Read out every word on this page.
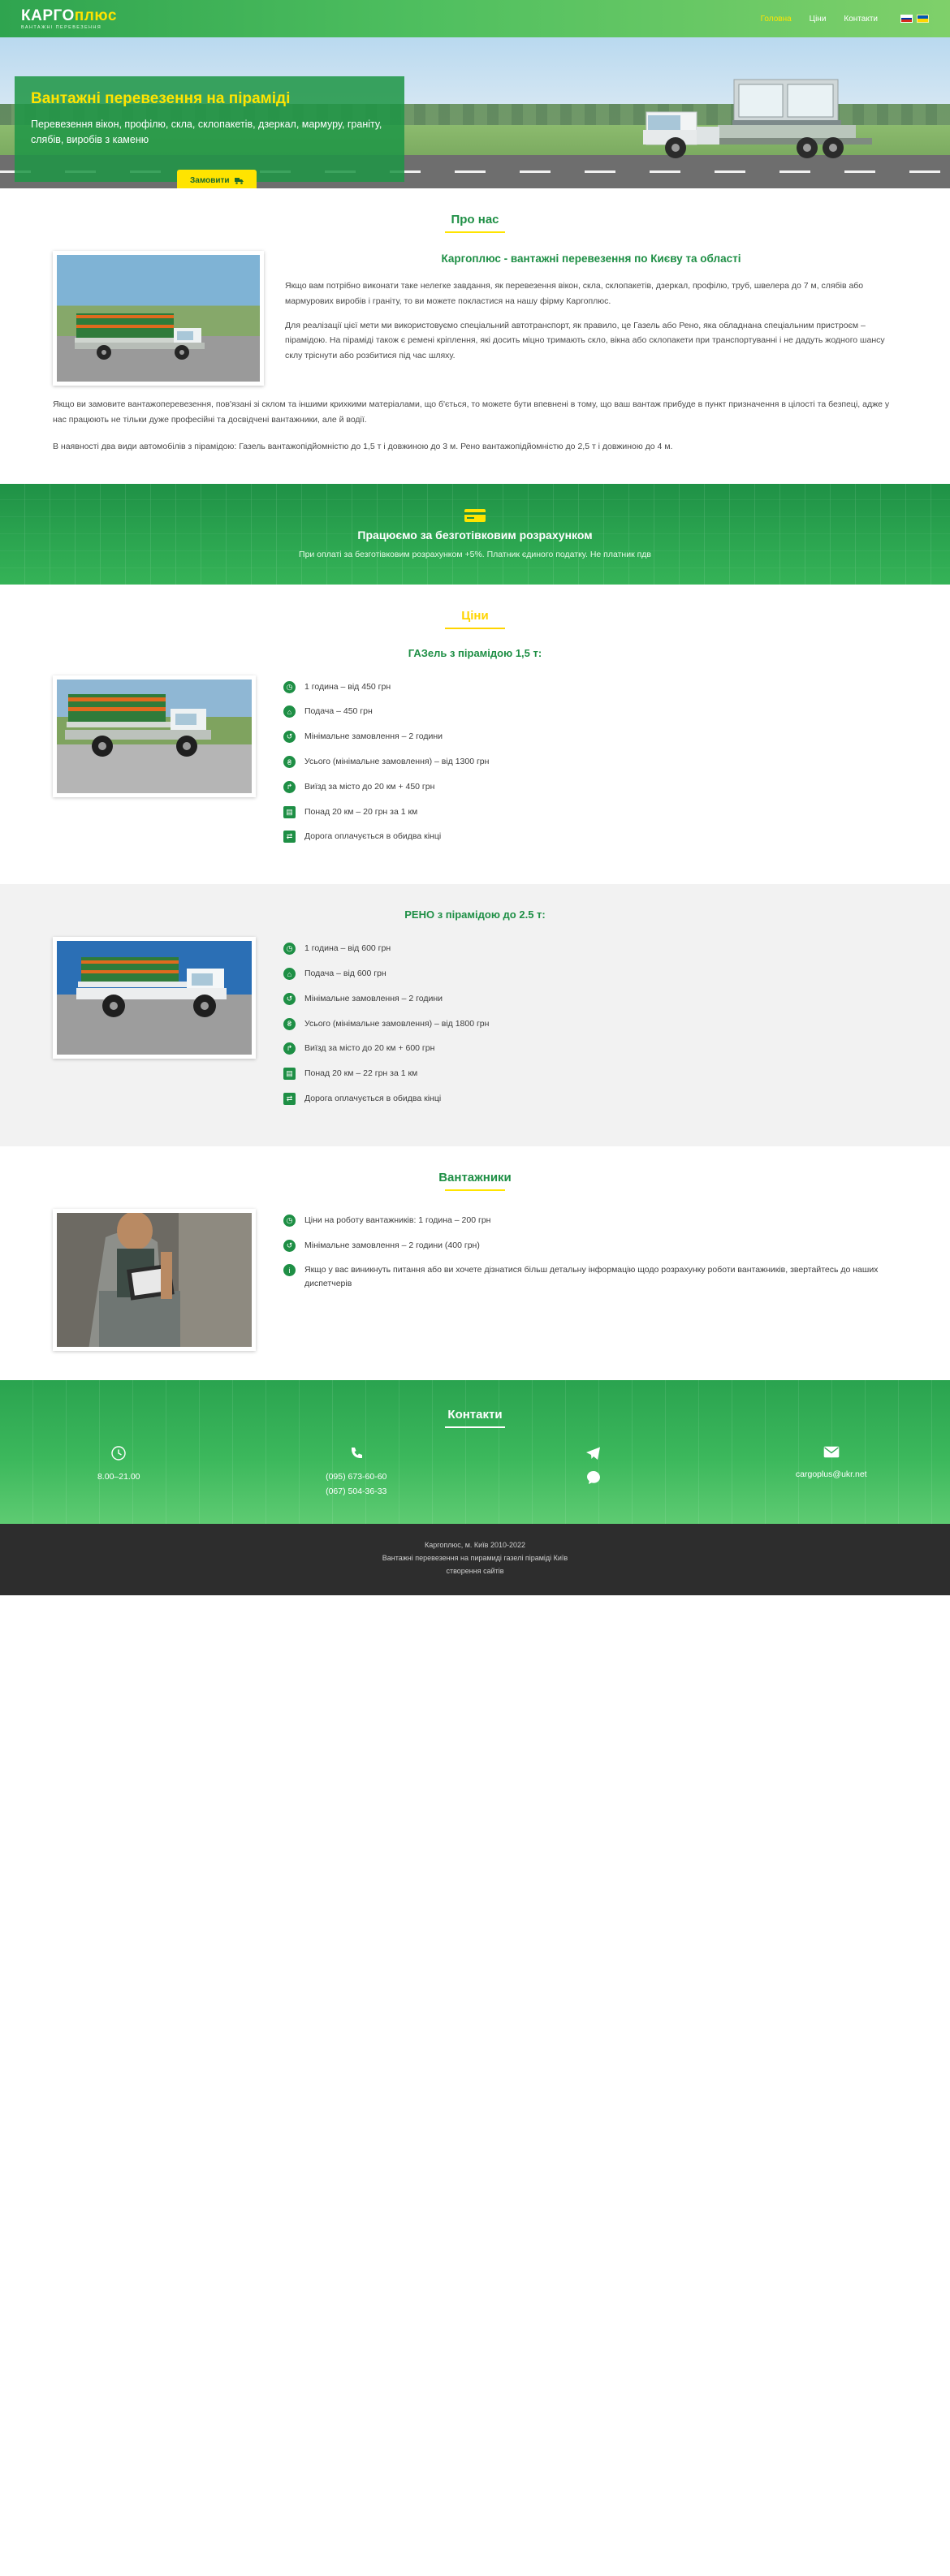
КАРГОплюс
ВАНТАЖНІ ПЕРЕВЕЗЕННЯ
Головна Ціни Контакти
Вантажні перевезення на піраміді

Перевезення вікон, профілю, скла, склопакетів, дзеркал, мармуру, граніту, слябів, виробів з каменю

Замовити
Про нас
Каргоплюс - вантажні перевезення по Києву та області

Якщо вам потрібно виконати таке нелегке завдання, як перевезення вікон, скла, склопакетів, дзеркал, профілю, труб, швелера до 7 м, слябів або мармурових виробів і граніту, то ви можете покластися на нашу фірму Каргоплюс.

Для реалізації цієї мети ми використовуємо спеціальний автотранспорт, як правило, це Газель або Рено, яка обладнана спеціальним пристроєм – пірамідою. На піраміді також є ремені крiплення, які досить міцно тримають скло, вікна або склопакети при транспортуванні і не дадуть жодного шансу склу тріснути або розбитися під час шляху.

Якщо ви замовите вантажоперевезення, пов'язані зі склом та іншими крихкими матеріалами, що б'ється, то можете бути впевнені в тому, що ваш вантаж прибуде в пункт призначення в цілості та безпеці, адже у нас працюють не тільки дуже професійні та досвідчені вантажники, але й водії.

В наявності два види автомобілів з пірамідою: Газель вантажопідйомністю до 1,5 т і довжиною до 3 м. Рено вантажопідйомністю до 2,5 т і довжиною до 4 м.

Працюємо за безготівковим розрахунком

При оплаті за безготівковим розрахунком +5%. Платник єдиного податку. Не платник пдв

Ціни
ГАЗель з пірамідою 1,5 т:
◷	1 година – від 450 грн
⌂	Подача – 450 грн
↺	Мінімальне замовлення – 2 години
₴	Усього (мінімальне замовлення) – від 1300 грн
↱	Виїзд за місто до 20 км + 450 грн
▤	Понад 20 км – 20 грн за 1 км
⇄	Дорога оплачується в обидва кінці
РЕНО з пірамідою до 2.5 т:
◷	1 година – від 600 грн
⌂	Подача – від 600 грн
↺	Мінімальне замовлення – 2 години
₴	Усього (мінімальне замовлення) – від 1800 грн
↱	Виїзд за місто до 20 км + 600 грн
▤	Понад 20 км – 22 грн за 1 км
⇄	Дорога оплачується в обидва кінці
Вантажники
◷	Ціни на роботу вантажників: 1 година – 200 грн
↺	Мінімальне замовлення – 2 години (400 грн)
i	Якщо у вас виникнуть питання або ви хочете дізнатися більш детальну інформацію щодо розрахунку роботи вантажників, звертайтесь до наших диспетчерів
Контакти
8.00–21.00	(095) 673-60-60
(067) 504-36-33
cargoplus@ukr.net

Каргоплюс, м. Київ 2010-2022

Вантажні перевезення на пирамиді газелі піраміді Київ

створення сайтів
